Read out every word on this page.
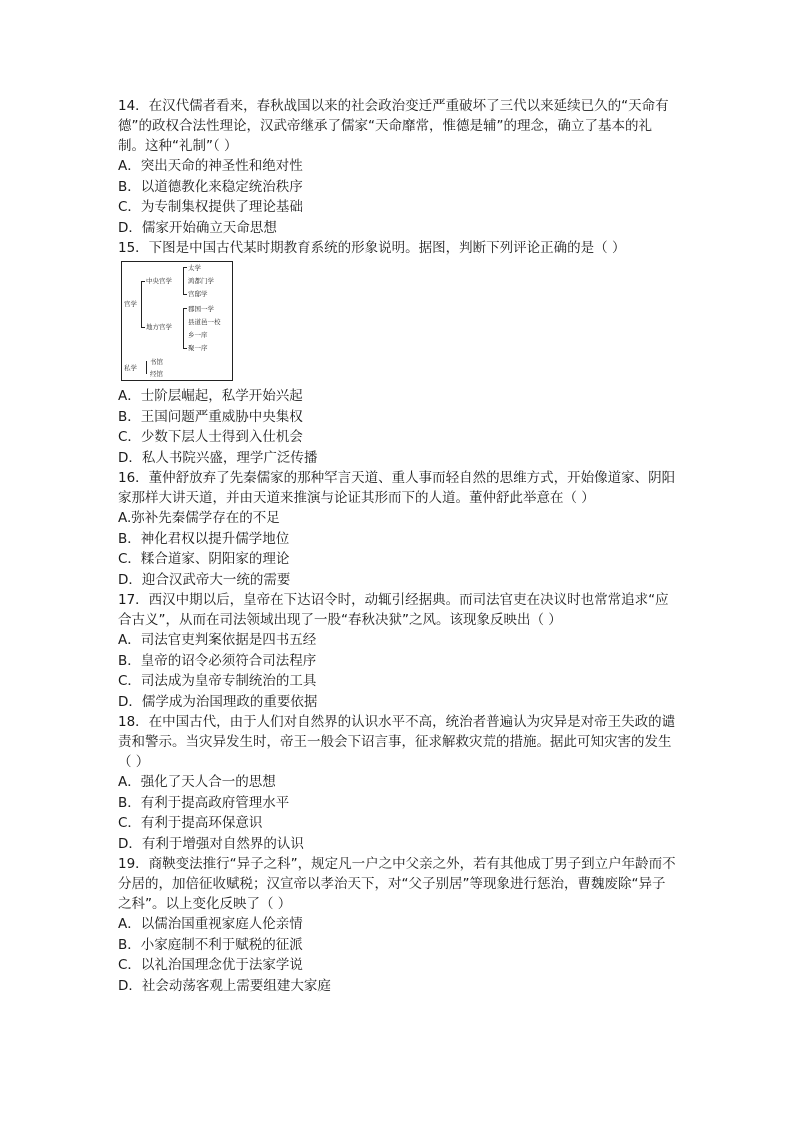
14．在汉代儒者看来，春秋战国以来的社会政治变迁严重破坏了三代以来延续已久的“天命有德”的政权合法性理论，汉武帝继承了儒家“天命靡常，惟德是辅”的理念，确立了基本的礼制。这种“礼制”（ ）

A．突出天命的神圣性和绝对性

B．以道德教化来稳定统治秩序

C．为专制集权提供了理论基础

D．儒家开始确立天命思想

15．下图是中国古代某时期教育系统的形象说明。据图，判断下列评论正确的是（ ）

官学
中央官学
太学
鸿都门学
宫邸学
地方官学
郡国一学
县道邑一校
乡一庠
聚一序
私学
书馆
经馆

A．士阶层崛起，私学开始兴起

B．王国问题严重威胁中央集权

C．少数下层人士得到入仕机会

D．私人书院兴盛，理学广泛传播

16．董仲舒放弃了先秦儒家的那种罕言天道、重人事而轻自然的思维方式，开始像道家、阴阳家那样大讲天道，并由天道来推演与论证其形而下的人道。董仲舒此举意在（ ）

A.弥补先秦儒学存在的不足

B．神化君权以提升儒学地位

C．糅合道家、阴阳家的理论

D．迎合汉武帝大一统的需要

17．西汉中期以后，皇帝在下达诏令时，动辄引经据典。而司法官吏在决议时也常常追求“应合古义”，从而在司法领域出现了一股“春秋决狱”之风。该现象反映出（ ）

A．司法官吏判案依据是四书五经

B．皇帝的诏令必须符合司法程序

C．司法成为皇帝专制统治的工具

D．儒学成为治国理政的重要依据

18．在中国古代，由于人们对自然界的认识水平不高，统治者普遍认为灾异是对帝王失政的谴责和警示。当灾异发生时，帝王一般会下诏言事，征求解救灾荒的措施。据此可知灾害的发生（ ）

A．强化了天人合一的思想

B．有利于提高政府管理水平

C．有利于提高环保意识

D．有利于增强对自然界的认识

19．商鞅变法推行“异子之科”，规定凡一户之中父亲之外，若有其他成丁男子到立户年龄而不分居的，加倍征收赋税；汉宣帝以孝治天下，对“父子别居”等现象进行惩治，曹魏废除“异子之科”。以上变化反映了（ ）

A．以儒治国重视家庭人伦亲情

B．小家庭制不利于赋税的征派

C．以礼治国理念优于法家学说

D．社会动荡客观上需要组建大家庭
